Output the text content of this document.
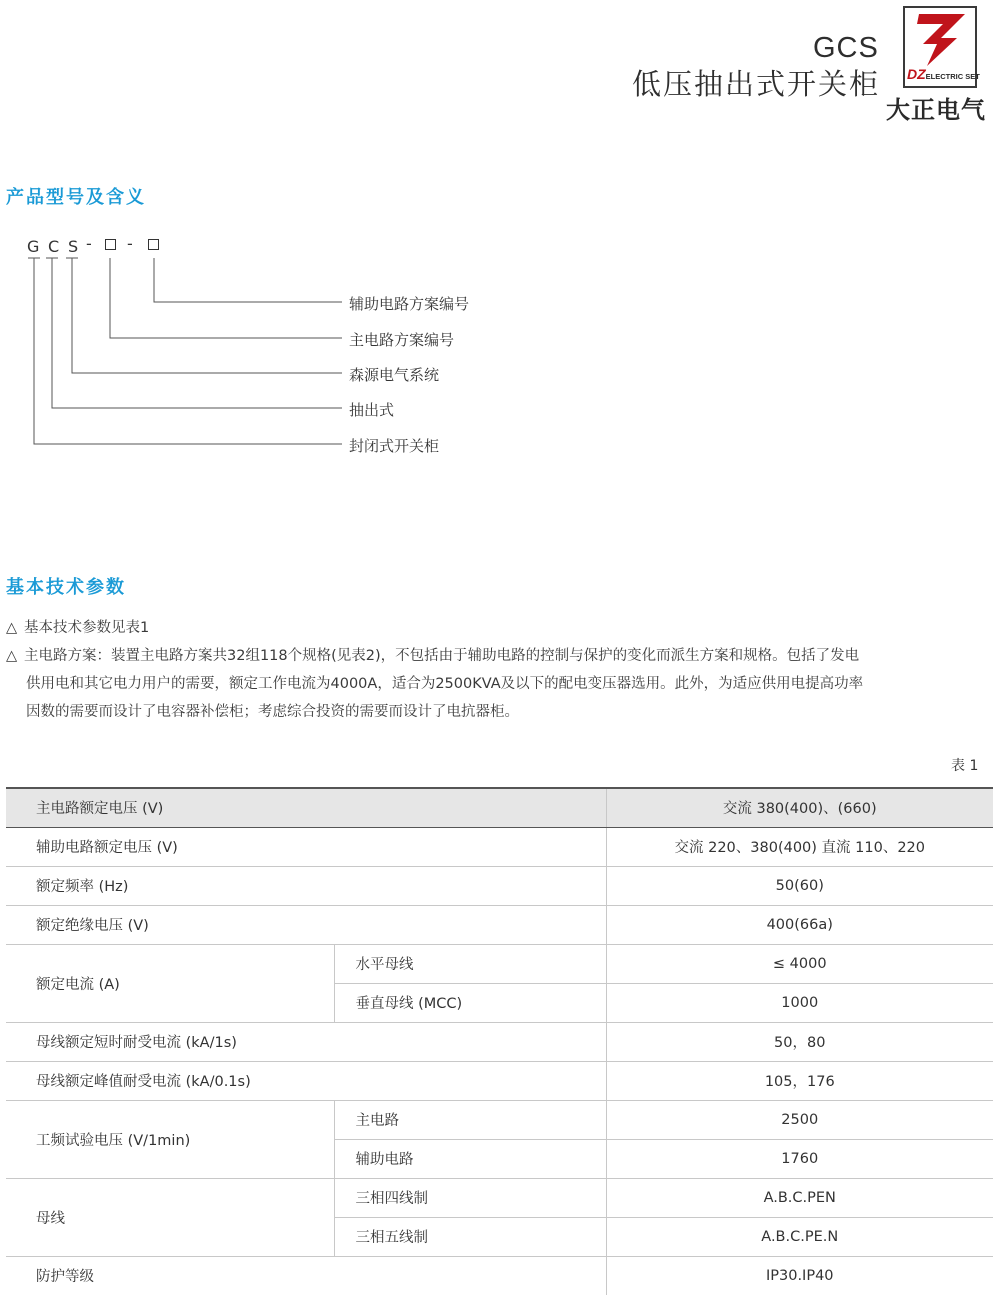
GCS
低压抽出式开关柜 DZELECTRIC SET
大正电气
产品型号及含义
G C S - -
辅助电路方案编号
主电路方案编号
森源电气系统
抽出式
封闭式开关柜
基本技术参数
△ 基本技术参数见表1
△ 主电路方案：装置主电路方案共32组118个规格(见表2)，不包括由于辅助电路的控制与保护的变化而派生方案和规格。包括了发电
供用电和其它电力用户的需要，额定工作电流为4000A，适合为2500KVA及以下的配电变压器选用。此外，为适应供用电提高功率
因数的需要而设计了电容器补偿柜；考虑综合投资的需要而设计了电抗器柜。
表 1
主电路额定电压 (V)		交流 380(400)、(660)
辅助电路额定电压 (V)		交流 220、380(400) 直流 110、220
额定频率 (Hz)		50(60)
额定绝缘电压 (V)		400(66a)
额定电流 (A)	水平母线	≤ 4000
	垂直母线 (MCC)	1000
母线额定短时耐受电流 (kA/1s)		50，80
母线额定峰值耐受电流 (kA/0.1s)		105，176
工频试验电压 (V/1min)	主电路	2500
	辅助电路	1760
母线	三相四线制	A.B.C.PEN
	三相五线制	A.B.C.PE.N
防护等级		IP30.IP40
